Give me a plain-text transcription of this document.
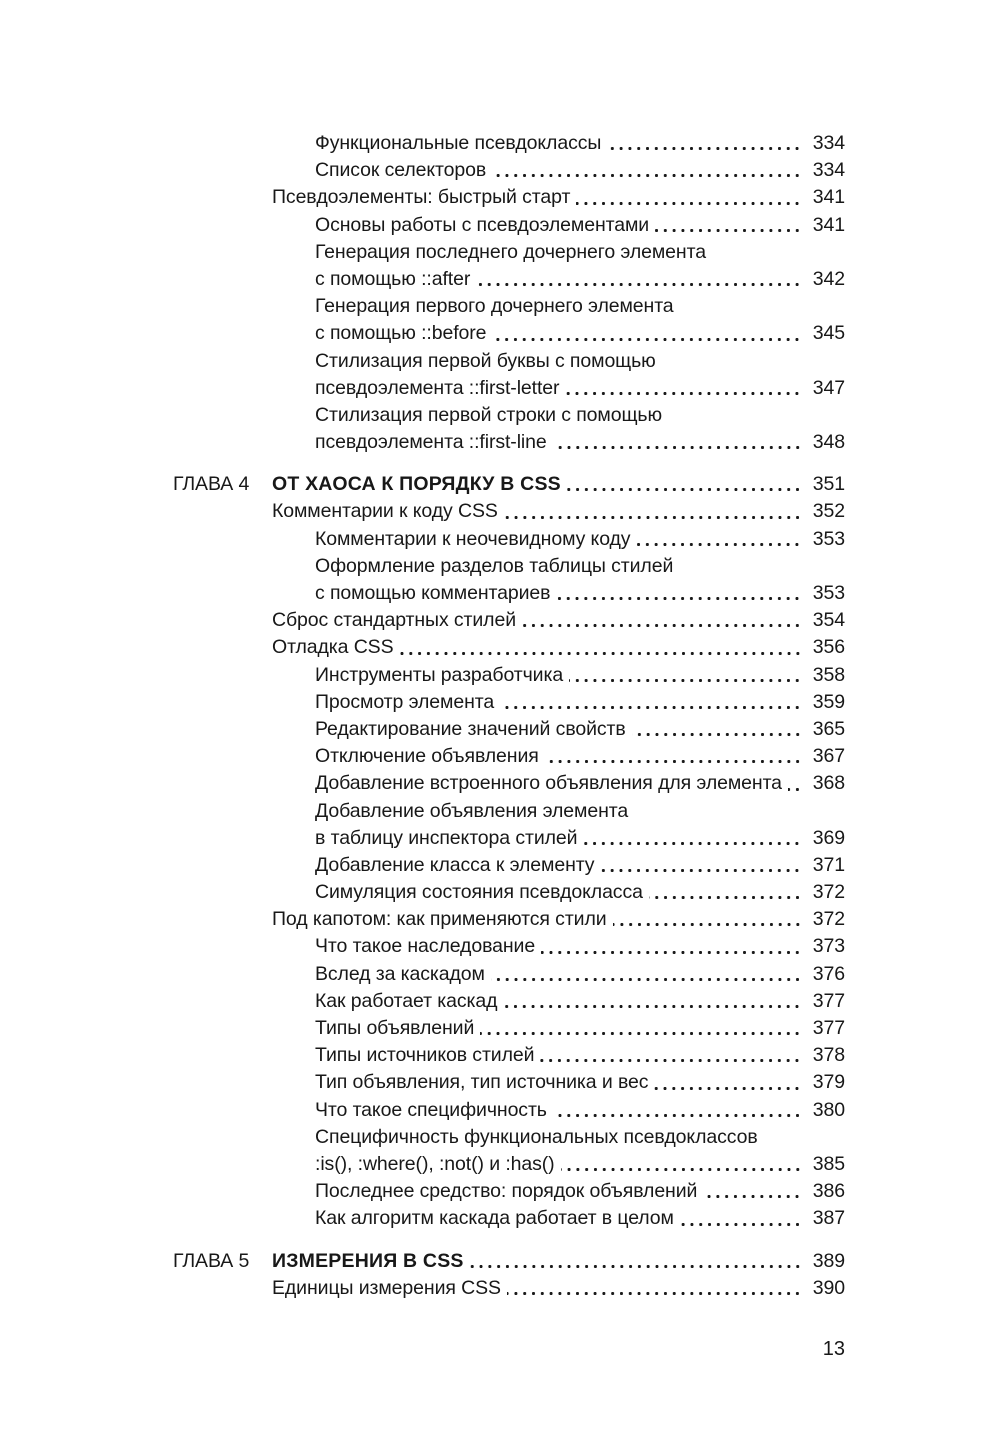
Функциональные псевдоклассы	334
Список селекторов	334
Псевдоэлементы: быстрый старт	341
Основы работы с псевдоэлементами	341
Генерация последнего дочернего элемента
с помощью ::after	342
Генерация первого дочернего элемента
с помощью ::before	345
Стилизация первой буквы с помощью
псевдоэлемента ::first-letter	347
Стилизация первой строки с помощью
псевдоэлемента ::first-line	348
ГЛАВА 4	ОТ ХАОСА К ПОРЯДКУ В CSS	351
Комментарии к коду CSS	352
Комментарии к неочевидному коду	353
Оформление разделов таблицы стилей
с помощью комментариев	353
Сброс стандартных стилей	354
Отладка CSS	356
Инструменты разработчика	358
Просмотр элемента	359
Редактирование значений свойств	365
Отключение объявления	367
Добавление встроенного объявления для элемента 368
Добавление объявления элемента
в таблицу инспектора стилей	369
Добавление класса к элементу	371
Симуляция состояния псевдокласса	372
Под капотом: как применяются стили	372
Что такое наследование	373
Вслед за каскадом	376
Как работает каскад	377
Типы объявлений	377
Типы источников стилей	378
Тип объявления, тип источника и вес	379
Что такое специфичность	380
Специфичность функциональных псевдоклассов
:is(), :where(), :not() и :has()	385
Последнее средство: порядок объявлений	386
Как алгоритм каскада работает в целом	387
ГЛАВА 5	ИЗМЕРЕНИЯ В CSS	389
Единицы измерения CSS	390
13
